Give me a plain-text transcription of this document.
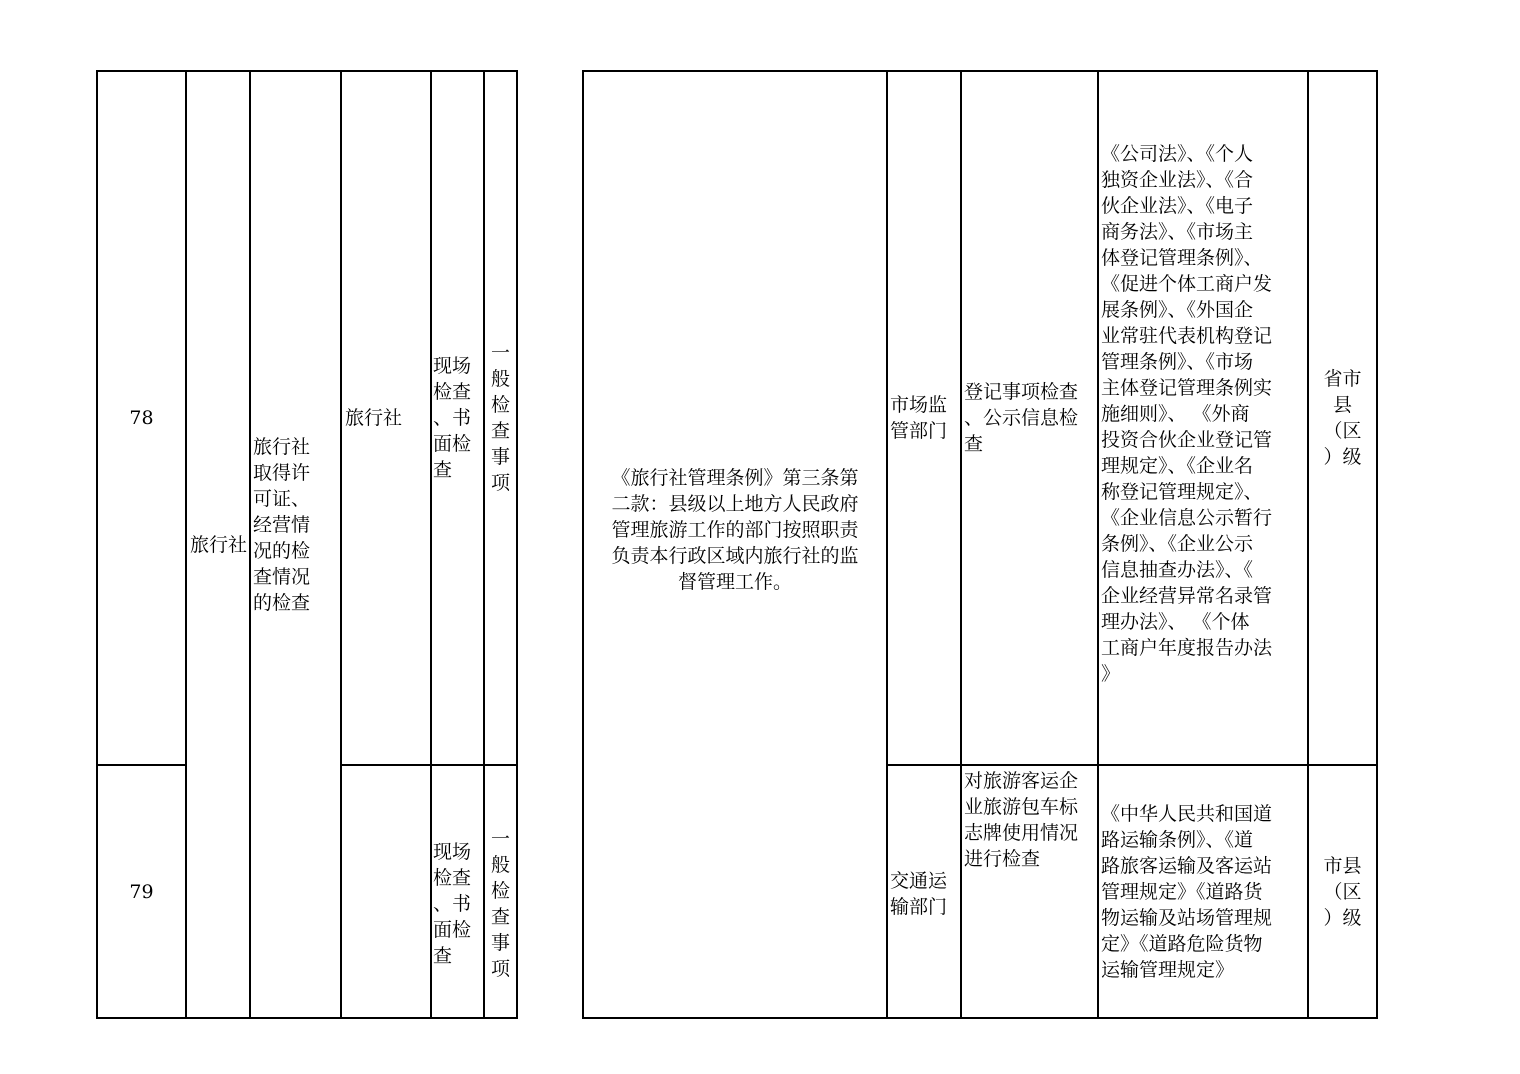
78	旅行社
现场
检查
、书
面检
查
一
般
检
查
事
项
市场监
管部门
登记事项检查
、公示信息检
查
《公司法》、《个人
独资企业法》、《合
伙企业法》、《电子
商务法》、《市场主
体登记管理条例》、
《促进个体工商户发
展条例》、《外国企
业常驻代表机构登记
管理条例》、《市场
主体登记管理条例实
施细则》、 《外商
投资合伙企业登记管
理规定》、《企业名
称登记管理规定》、
《企业信息公示暂行
条例》、《企业公示
信息抽查办法》、《
企业经营异常名录管
理办法》、 《个体
工商户年度报告办法
》
省市
县
（区
）级
79
现场
检查
、书
面检
查
一
般
检
查
事
项
交通运
输部门
对旅游客运企
业旅游包车标
志牌使用情况
进行检查
《中华人民共和国道
路运输条例》、《道
路旅客运输及客运站
管理规定》《道路货
物运输及站场管理规
定》《道路危险货物
运输管理规定》
市县
（区
）级
旅行社
旅行社
取得许
可证、
经营情
况的检
查情况
的检查
《旅行社管理条例》第三条第
二款：县级以上地方人民政府
管理旅游工作的部门按照职责
负责本行政区域内旅行社的监
督管理工作。
